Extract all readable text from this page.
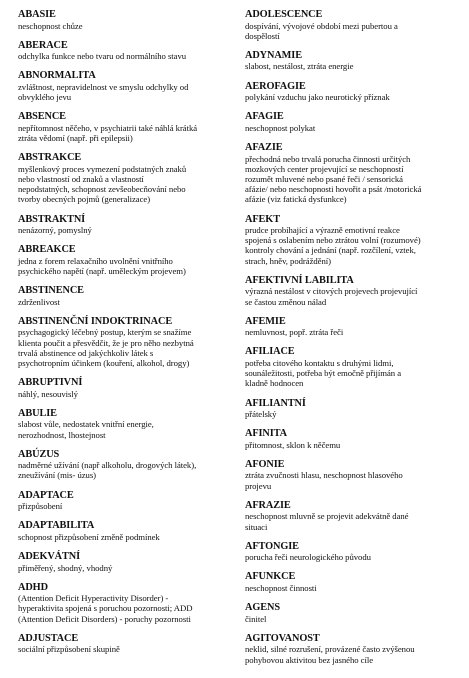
ABASIE
neschopnost chůze
ABERACE
odchylka funkce nebo tvaru od normálního stavu
ABNORMALITA
zvláštnost, nepravidelnost ve smyslu odchylky od
obvyklého jevu
ABSENCE
nepřítomnost něčeho, v psychiatrii také náhlá krátká
ztráta vědomí (např. při epilepsii)
ABSTRAKCE
myšlenkový proces vymezení podstatných znaků
nebo vlastností od znaků a vlastností
nepodstatných, schopnost zevšeobecňování nebo
tvorby obecných pojmů (generalizace)
ABSTRAKTNÍ
nenázorný, pomyslný
ABREAKCE
jedna z forem relaxačního uvolnění vnitřního
psychického napětí (např. uměleckým projevem)
ABSTINENCE
zdrženlivost
ABSTINENČNÍ INDOKTRINACE
psychagogický léčebný postup, kterým se snažíme
klienta poučit a přesvědčit, že je pro něho nezbytná
trvalá abstinence od jakýchkoliv látek s
psychotropním účinkem (kouření, alkohol, drogy)
ABRUPTIVNÍ
náhlý, nesouvislý
ABULIE
slabost vůle, nedostatek vnitřní energie,
nerozhodnost, lhostejnost
ABÚZUS
nadměrné užívání (např alkoholu, drogových látek),
zneužívání (mis- úzus)
ADAPTACE
přizpůsobení
ADAPTABILITA
schopnost přizpůsobení změně podmínek
ADEKVÁTNÍ
přiměřený, shodný, vhodný
ADHD
(Attention Deficit Hyperactivity Disorder) -
hyperaktivita spojená s poruchou pozornosti; ADD
(Attention Deficit Disorders) - poruchy pozornosti
ADJUSTACE
sociální přizpůsobení skupině
ADOLESCENCE
dospívání, vývojové období mezi pubertou a
dospělostí
ADYNAMIE
slabost, nestálost, ztráta energie
AEROFAGIE
polykání vzduchu jako neurotický příznak
AFAGIE
neschopnost polykat
AFAZIE
přechodná nebo trvalá porucha činnosti určitých
mozkových center projevující se neschopností
rozumět mluvené nebo psané řeči / sensorická
afázie/ nebo neschopnosti hovořit a psát /motorická
afázie (viz fatická dysfunkce)
AFEKT
prudce probíhající a výrazně emotivní reakce
spojená s oslabením nebo ztrátou volní (rozumové)
kontroly chování a jednání (např. rozčílení, vztek,
strach, hněv, podráždění)
AFEKTIVNÍ LABILITA
výrazná nestálost v citových projevech projevující
se častou změnou nálad
AFEMIE
nemluvnost, popř. ztráta řeči
AFILIACE
potřeba citového kontaktu s druhými lidmi,
sounáležitosti, potřeba být emočně přijímán a
kladně hodnocen
AFILIANTNÍ
přátelský
AFINITA
přitomnost, sklon k něčemu
AFONIE
ztráta zvučnosti hlasu, neschopnost hlasového
projevu
AFRAZIE
neschopnost mluvně se projevit adekvátně dané
situaci
AFTONGIE
porucha řeči neurologického původu
AFUNKCE
neschopnost činnosti
AGENS
činitel
AGITOVANOST
neklid, silné rozrušení, provázené často zvýšenou
pohybovou aktivitou bez jasného cíle
